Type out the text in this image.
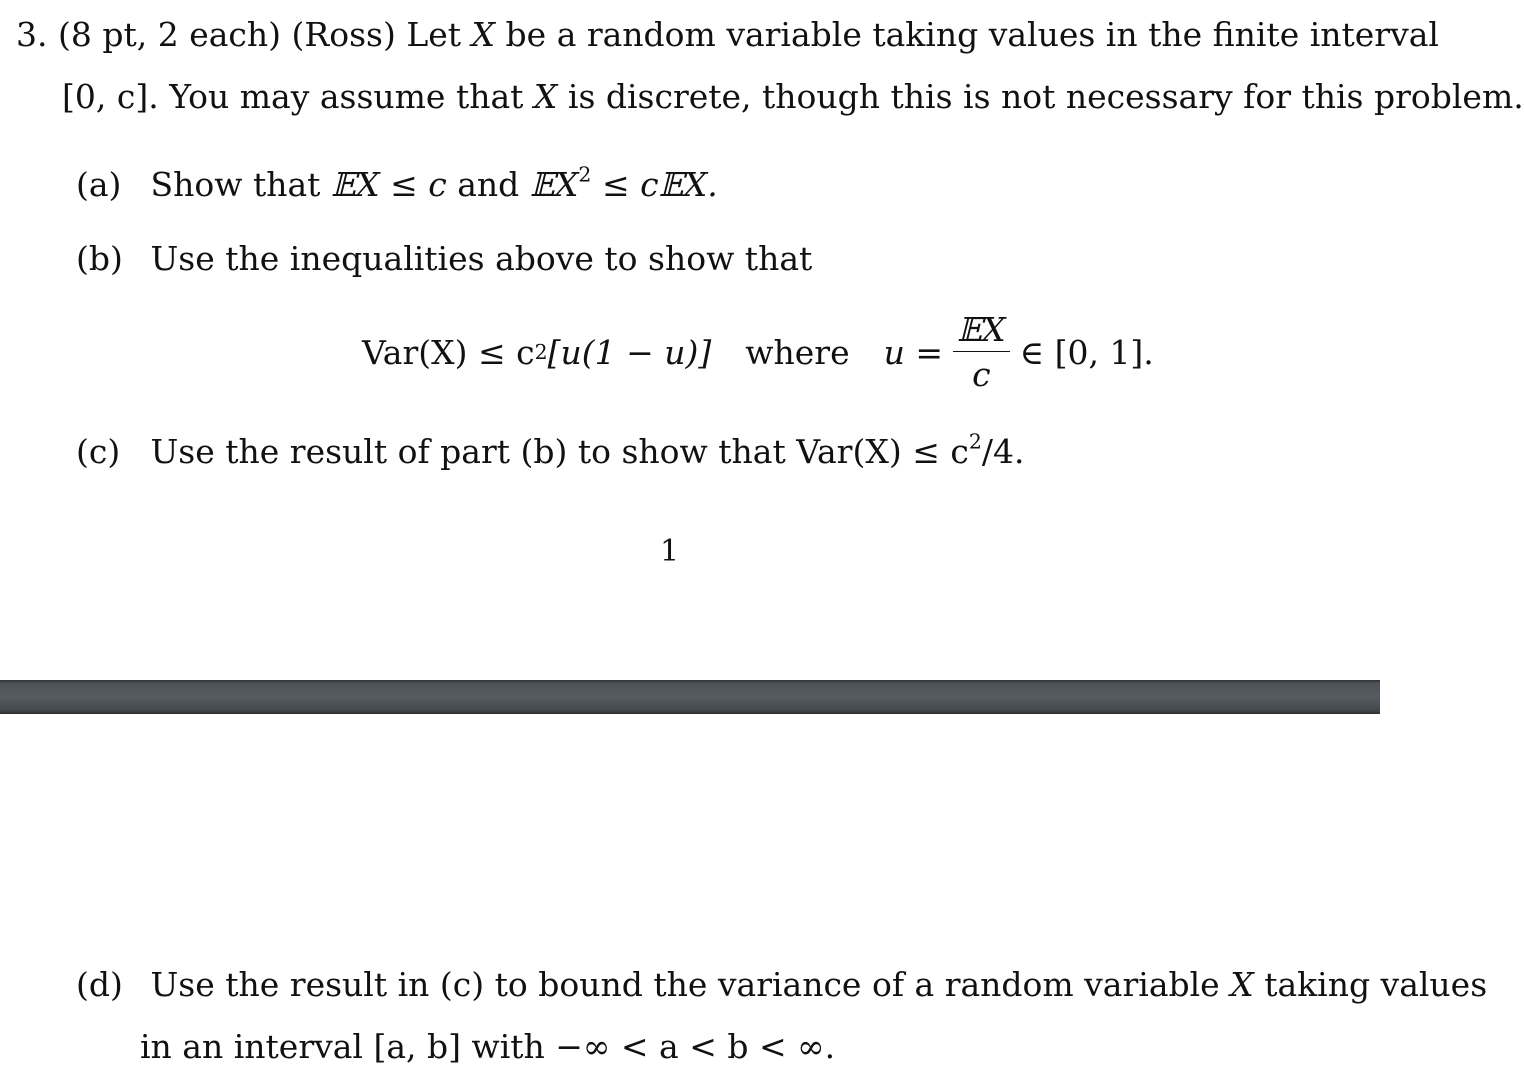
3. (8 pt, 2 each) (Ross) Let X be a random variable taking values in the finite interval
[0, c]. You may assume that X is discrete, though this is not necessary for this problem.
(a) Show that 𝔼X ≤ c and 𝔼X$^2$ ≤ c𝔼X.
(b) Use the inequalities above to show that
Var(X) ≤ c 2 [u(1 − u)] where $u = \frac{\text{𝔼X}}{c}$ ∈ [0, 1].
(c) Use the result of part (b) to show that $Var(X) \le c^2/4$.
1
(d) Use the result in (c) to bound the variance of a random variable X taking values
in an interval [a, b] with −∞ < a < b < ∞.
